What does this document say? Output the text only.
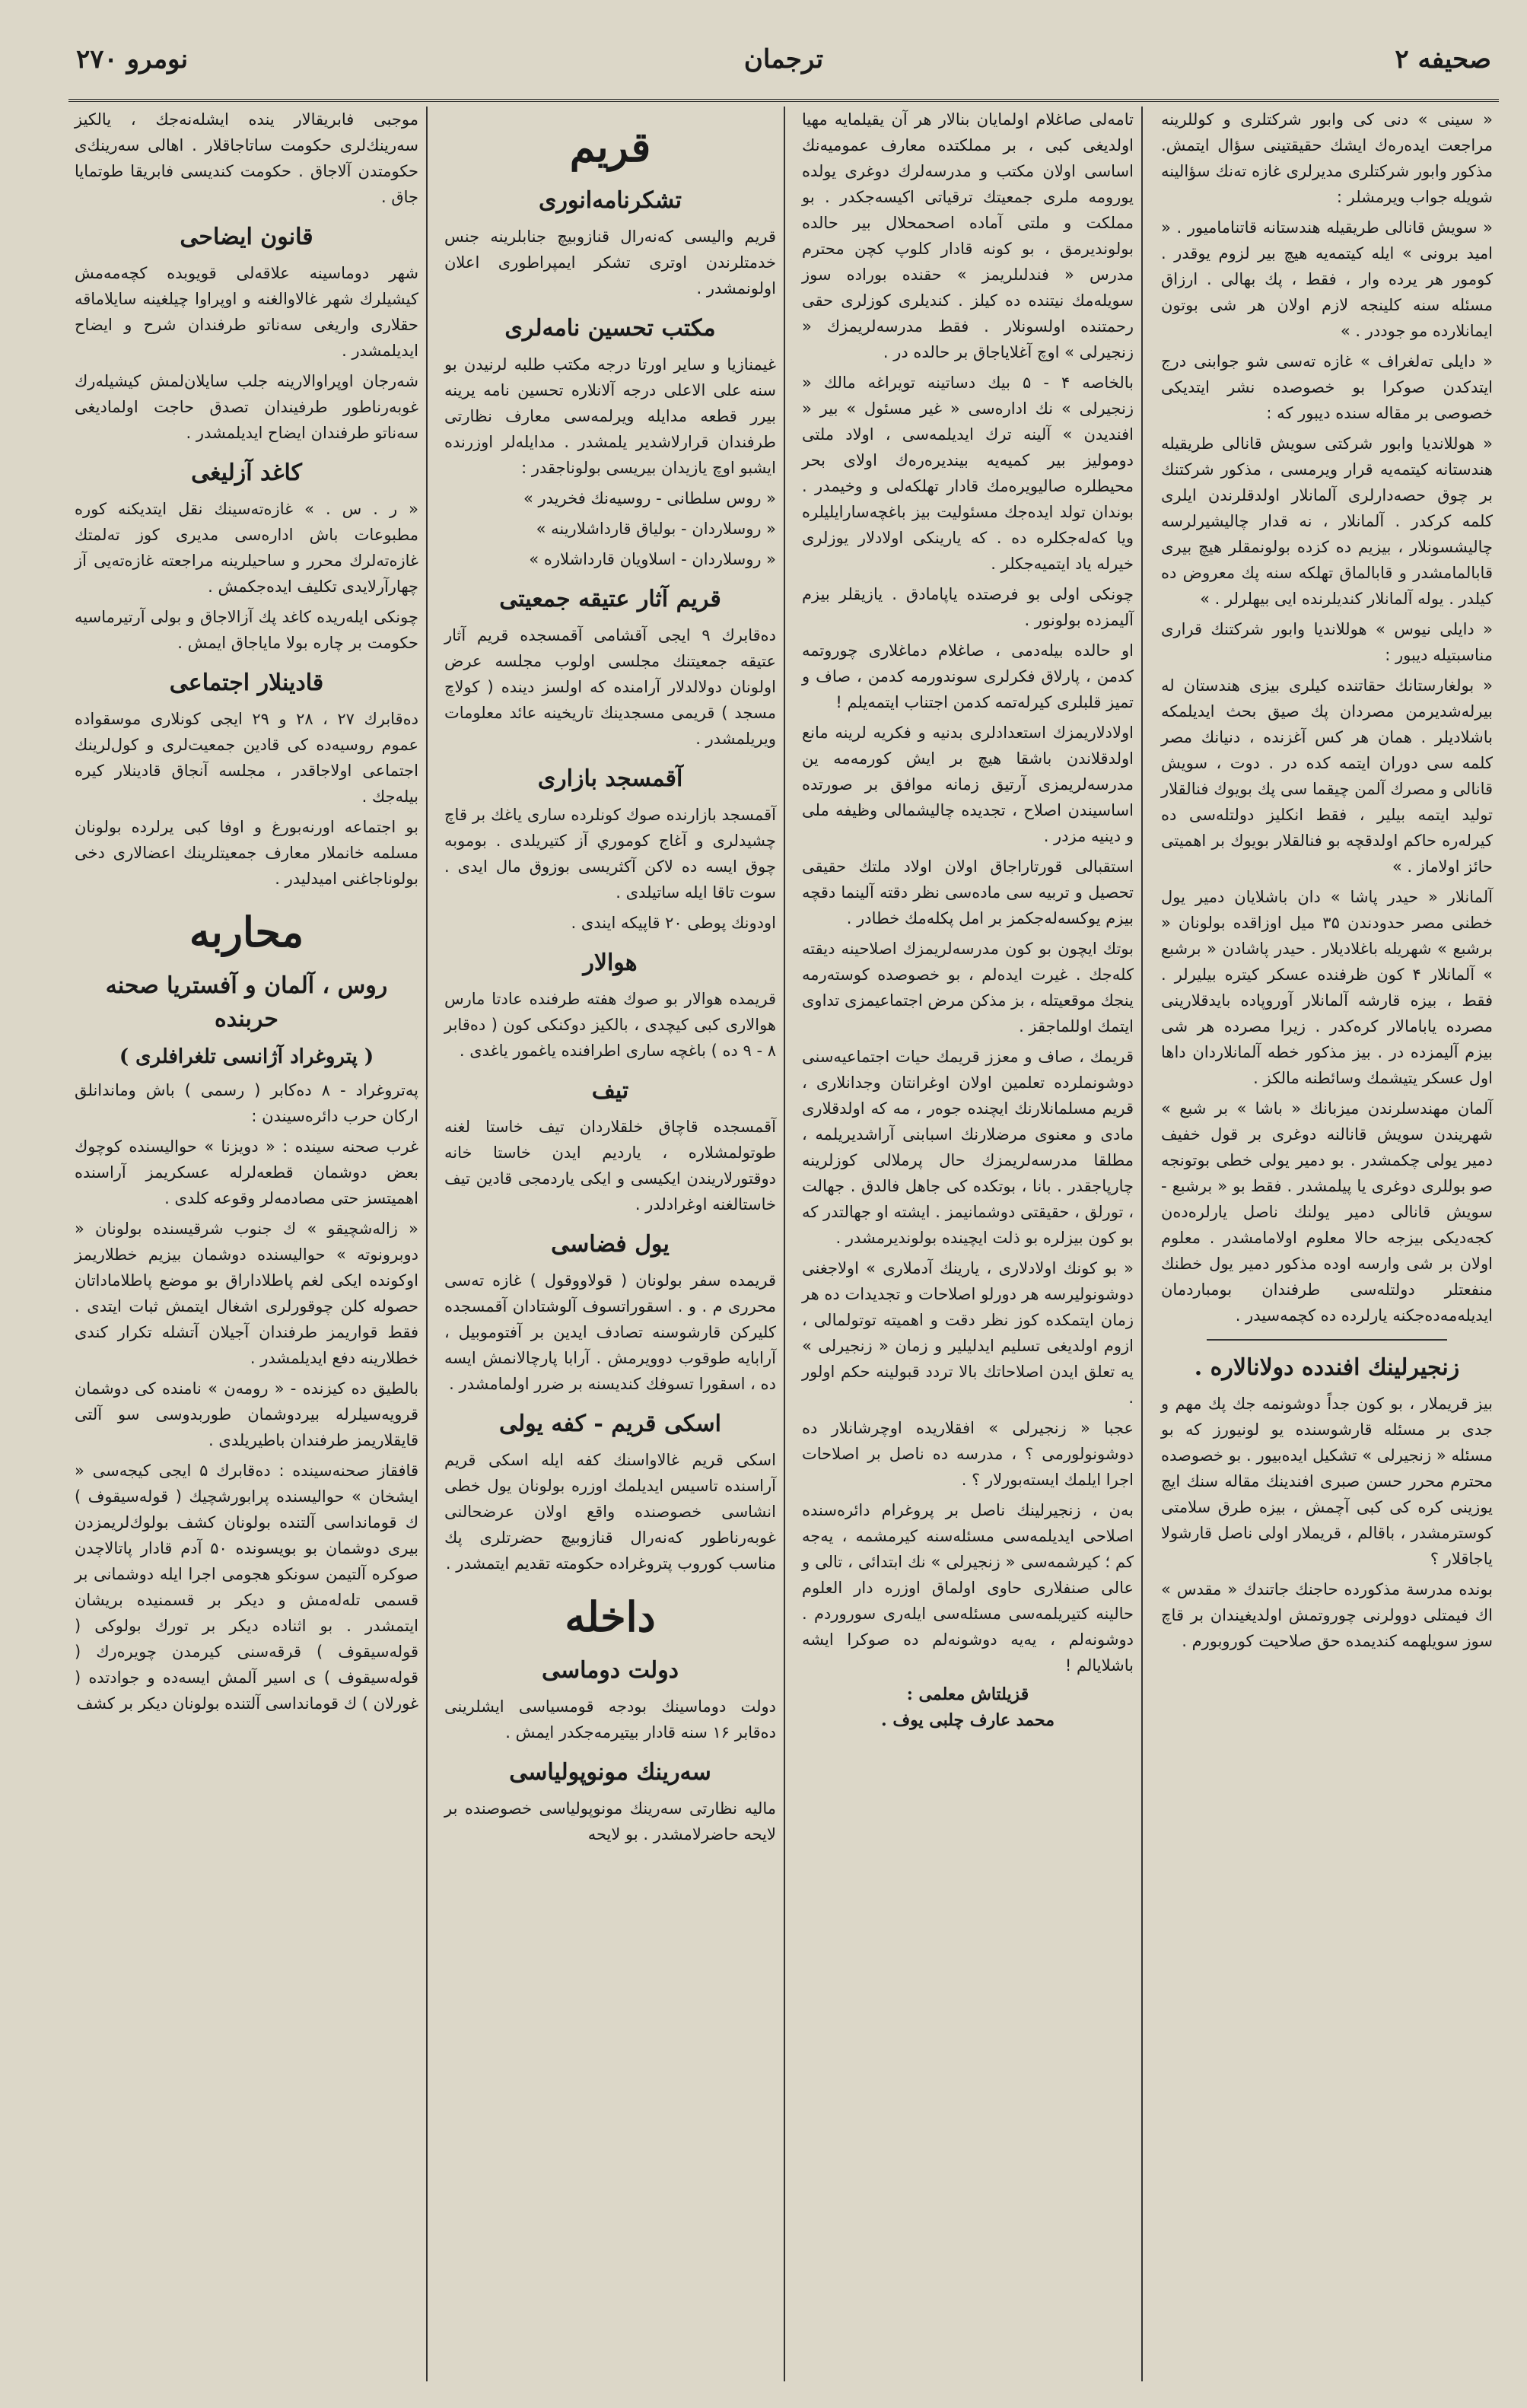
نومرو ۲۷۰	ترجمان	صحيفه ۲

« سينى » دنى كى وابور شركتلرى و كوللرينه مراجعت ايدەرەك ايشك حقيقتينى سؤال ايتمش. مذكور وابور شركتلرى مديرلرى غازه تەنك سؤالينه شويله جواب ويرمشلر :

« سويش قانالى طريقيله هندستانه قاتناماميور . « اميد برونى » ايله كيتمەيه هيچ بير لزوم يوقدر . كومور هر يرده وار ، فقط ، پك بهالى . ارزاق مسئله سنه كلينجه لازم اولان هر شى بوتون ايمانلارده مو جوددر . »

« دايلى تەلغراف » غازه تەسى شو جوابنى درج ايتدكدن صوكرا بو خصوصده نشر ايتديكى خصوصى بر مقاله سنده ديبور كه :

« هوللانديا وابور شركتى سويش قانالى طريقيله هندستانه كيتمەيه قرار ويرمسى ، مذكور شركتنك بر چوق حصەدارلرى آلمانلار اولدقلرندن ايلرى كلمه كركدر . آلمانلار ، نه قدار چاليشيرلرسه چاليشسونلار ، بيزيم ده كزده بولونمقلر هيچ بيرى قابالمامشدر و قابالماق تهلكه سنه پك معروض ده كيلدر . يوله آلمانلار كنديلرنده ايى بيهلرلر . »

« دايلى نيوس » هوللانديا وابور شركتنك قرارى مناسبتيله ديبور :

« بولغارستانك حقاتنده كيلرى بيزى هندستان لە بيرلەشديرمن مصردان پك صيق بحث ايديلمكە باشلاديلر . همان هر كس آغزنده ، دنيانك مصر كلمه سى دوران ايتمه كده در . دوت ، سويش قانالى و مصرك آلمن چيقما سى پك بويوك فنالقلار توليد ايتمه بيلير ، فقط انكليز دولتلەسى ده كيرلەره حاكم اولدقچه بو فنالقلار بويوك بر اهميتى حائز اولاماز . »

آلمانلار « حيدر پاشا » دان باشلايان دمير يول خطنى مصر حدودندن ۳۵ ميل اوزاقده بولونان « برشبع » شهريله باغلاديلار . حيدر پاشادن « برشبع » آلمانلار ۴ كون ظرفنده عسكر كيتره بيليرلر . فقط ، بيزه قارشه آلمانلار آوروپاده بايدقلارينى مصرده يابامالار كرەكدر . زيرا مصرده هر شى بيزم آليمزده در . بيز مذكور خطه آلمانلاردان داها اول عسكر يتيشمك وسائطنه مالكز .

آلمان مهندسلرندن ميزبانك « باشا » بر شبع » شهريندن سويش قانالنه دوغرى بر قول خفيف دمير يولى چكمشدر . بو دمير يولى خطى بوتونجه صو بوللرى دوغرى يا پيلمشدر . فقط بو « برشبع - سويش قانالى دمير يولنك ناصل يارلرەدەن كجەديكى بيزجه حالا معلوم اولامامشدر . معلوم اولان بر شى وارسه اوده مذكور دمير يول خطنك منفعتلر دولتلەسى طرفندان بومباردمان ايديلەمەدەجكنه يارلردە ده كچمەسيدر .

زنجيرلينك افندده دولانالاره .

بيز قريملار ، بو كون جداً دوشونمه جك پك مهم و جدى بر مسئله قارشوسنده يو لونيورز كه بو مسئله « زنجيرلى » تشكيل ايدەبيور . بو خصوصده محترم محرر حسن صبرى افندينك مقالە سنك ايچ يوزينى كره كى كبى آچمش ، بيزه طرق سلامتى كوسترمشدر ، باقالم ، قريملار اولى ناصل قارشولا ياجاقلار ؟

بونده مدرسة مذكورده حاجنك جاتندك « مقدس » اك فيمتلى دوولرنى چوروتمش اولديغيندان بر قاچ سوز سويلهمه كنديمده حق صلاحيت كوروبورم .

تامەلى صاغلام اولمايان بنالار هر آن يقيلمايه مهيا اولديغى كبى ، بر مملكتده معارف عموميەنك اساسى اولان مكتب و مدرسەلرك دوغرى يولدە يورومه ملرى جمعيتك ترقياتى اكيسەجكدر . بو مملكت و ملتى آماده اصحمحلال بير حالده بولونديرمق ، بو كونه قادار كلوپ كچن محترم مدرس « فندلىلريمز » حقنده بوراده سوز سويلەمك نيتنده ده كيلز . كنديلرى كوزلرى حقى رحمتنده اولسونلار . فقط مدرسەلريمزك « زنجيرلى » اوچ آغلاياجاق بر حالده در .

بالخاصه ۴ - ۵ بيك دساتينه تويراغه مالك « زنجيرلى » نك ادارەسى « غير مسئول » بير « افنديدن » آلينه ترك ايديلمەسى ، اولاد ملتى دوموليز بير كميەيه بينديرەرەك اولاى بحر محيطلره صاليويرەمك قادار تهلكەلى و وخيمدر . بوندان تولد ايدەجك مسئوليت بيز باغچەسارايليلره ويا كەلەجكلره ده . كه يارينكى اولادلار يوزلرى خيرله ياد ايتميەجكلر .

چونكى اولى بو فرصتده ياپامادق . يازيقلر بيزم آليمزده بولونور .

او حالده بيلەدمى ، صاغلام دماغلارى چوروتمه كدمن ، پارلاق فكرلرى سوندورمه كدمن ، صاف و تميز قلبلرى كيرلەتمه كدمن اجتناب ايتمەيلم !

اولادلاريمزك استعدادلرى بدنيه و فكريه لرينه مانع اولدقلاندن باشقا هيچ بر ايش كورمەمه ين مدرسەلريمزى آرتيق زمانه موافق بر صورتده اساسيندن اصلاح ، تجديده چاليشمالى وظيفه ملى و دينيه مزدر .

استقبالى قورتاراجاق اولان اولاد ملتك حقيقى تحصيل و تربيه سى مادەسى نظر دقته آلينما دقچه بيزم يوكسەلەجكمز بر امل پكلەمك خطادر .

بوتك ايچون بو كون مدرسەلريمزك اصلاحينه ديقته كلەجك . غيرت ايدەلم ، بو خصوصده كوستەرمه ينجك موقعيتله ، بز مذكن مرض اجتماعيمزى تداوى ايتمك اوللماجقز .

قريمك ، صاف و معزز قريمك حيات اجتماعيەسنى دوشونملرده تعلمين اولان اوغرانتان وجدانلارى ، قريم مسلمانلارنك ايچنده جوەر ، مه كه اولدقلارى مادى و معنوى مرضلارنك اسبابنى آراشديريلمه ، مطلقا مدرسەلريمزك حال پرملالى كوزلرينه چارپاجقدر . بانا ، بوتكده كى جاهل فالدق . جهالت ، تورلق ، حقيقتى دوشمانيمز . ايشته او جهالتدر كه بو كون بيزلره بو ذلت ايچينده بولونديرمشدر .

« بو كونك اولادلارى ، يارينك آدملارى » اولاجغنى دوشونوليرسه هر دورلو اصلاحات و تجديدات ده هر زمان ايتمكده كوز نظر دقت و اهميته توتولمالى ، ازوم اولديغى تسليم ايدليلير و زمان « زنجيرلى » يه تعلق ايدن اصلاحاتك بالا تردد قبولينه حكم اولور .

عجبا « زنجيرلى » افقلاريده اوچرشانلار ده دوشونولورمى ؟ ، مدرسه ده ناصل بر اصلاحات اجرا ايلمك ايستەبورلار ؟ .

بەن ، زنجيرلينك ناصل بر پروغرام دائرەسنده اصلاحى ايديلمەسى مسئلەسنه كيرمشمه ، يەجه كم ؛ كيرشمەسى « زنجيرلى » نك ابتدائى ، تالى و عالى صنفلارى حاوى اولماق اوزره دار العلوم حالينه كتيريلمەسى مسئلەسى ايلەرى سوروردم . دوشونەلم ، يەيە دوشونەلم ده صوكرا ايشه باشلايالم !

قزيلتاش معلمى :
محمد عارف چلبى يوف .
قريم
تشكرنامه‌انورى

قريم واليسى كه‌نه‌رال قنازوبيچ جنابلرينه جنس خدمتلرندن اوترى تشكر ايمپراطورى اعلان اولونمشدر .

مكتب تحسين نامه‌لرى

غيمنازيا و ساير اورتا درجه مكتب طلبه لرنيدن بو سنه على الاعلى درجه آلانلاره تحسين نامه يرينه بيرر قطعه مدايله ويرلمه‌سى معارف نظارتى طرفندان قرارلاشدير يلمشدر . مدايله‌لر اوزرنده ايشبو اوچ يازيدان بيريسى بولوناجقدر :

« روس سلطانى - روسيەنك فخريدر »

« روسلاردان - بولياق قارداشلارينه »

« روسلاردان - اسلاويان قارداشلاره »

قريم آثار عتيقه جمعيتى

دەقابرك ۹ ايجى آقشامى آقمسجده قريم آثار عتيقه جمعيتنك مجلسى اولوب مجلسه عرض اولونان دولالدلار آرامنده كه اولسز دينده ( كولاچ مسجد ) قريمى مسجدينك تاريخينه عائد معلومات ويريلمشدر .

آقمسجد بازارى

آقمسجد بازارنده صوك كونلرده سارى ياغك بر قاچ چشيدلرى و آغاج كوموري آز كتيريلدى . بوموبه چوق ايسه ده لاكن آكثريسى بوزوق مال ايدى . سوت تاقا ايله ساتيلدى .

اودونك پوطى ۲۰ قاپيكه ايندى .

هوالار

قريمده هوالار بو صوك هفته طرفنده عادتا مارس هوالارى كبى كيچدى ، بالكيز دوكنكى كون ( دەقابر ۸ - ۹ ده ) باغچه سارى اطرافنده ياغمور ياغدى .

تيف

آقمسجده قاچاق خلقلاردان تيف خاستا لغنه طوتولمشلاره ، يارديم ايدن خاستا خانه دوقتورلاريندن ايكيسى و ايكى ياردمجى قادين تيف خاستالغنه اوغرادلدر .

يول فضاسى

قريمده سفر بولونان ( قولاووقول ) غازه تەسى محررى م . و . اسقوراتسوف آلوشتادان آقمسجده كليركن قارشوسنه تصادف ايدين بر آفتوموبيل ، آرابايه طوقوب دوويرمش . آرابا پارچالانمش ايسه ده ، اسقورا تسوفك كنديسنه بر ضرر اولمامشدر .

اسكى قريم - كفه يولى

اسكى قريم غالاواسنك كفه ايله اسكى قريم آراسنده تاسيس ايديلمك اوزره بولونان يول خطى انشاسى خصوصنده واقع اولان عرضحالنى غوبەرناطور كه‌نه‌رال قنازوبيچ حضرتلرى پك مناسب كوروب پتروغراده حكومته تقديم ايتمشدر .

داخله
دولت دوماسى

دولت دوماسينك بودجه قومسياسى ايشلرينى دەقابر ۱۶ سنه قادار بيتيرمەجكدر ايمش .

سه‌رينك مونوپولياسى

ماليه نظارتى سه‌رينك مونوپولياسى خصوصنده بر لايحه حاضرلامشدر . بو لايحه

موجبى فابريقالار ينده ايشلەنه‌جك ، يالكيز سه‌رينك‌لرى حكومت ساتاجاقلار . اهالى سه‌رينك‌ى حكومتدن آلاجاق . حكومت كنديسى فابريقا طوتمايا جاق .

قانون ايضاحى

شهر دوماسينه علاقه‌لى قويوبده كچەمه‌مش كيشيلرك شهر غالاوا‌لغنه و اوپراوا چيلغينه سايلاماقه حقلارى واريغى سه‌ناتو طرفندان شرح و ايضاح ايديلمشدر .

شه‌رجان اوپراوالارينه جلب سايلان‌لمش كيشيله‌رك غوبه‌رناطور طرفيندان تصدق حاجت اولماديغى سه‌ناتو طرفندان ايضاح ايديلمشدر .

كاغد آزليغى

« ر . س . » غازه‌ته‌سينك نقل ايتديكنه كوره مطبوعات باش ادارەسى مديرى كوز تەلمتك غازه‌ته‌لرك محرر و ساحيلرينه مراجعته غازه‌ته‌يى آز چهارآرلايدى تكليف ايده‌جكمش .

چونكى ايلەريده كاغد پك آزالاجاق و بولى آرتيرماسيه حكومت بر چاره بولا مايا‌جاق ايمش .

قادينلار اجتماعى

ده‌قابرك ۲۷ ، ۲۸ و ۲۹ ايجى كونلارى موسقواده عموم روسيه‌ده كى قادين جمعيت‌لرى و كول‌لرينك اجتماعى اولاجاقدر ، مجلسه آنجاق قادينلار كيره بيله‌جك .

بو اجتماعه اورنه‌بورغ و اوفا كبى يرلرده بولونان مسلمه خانملار معارف جمعيتلرينك اعضالارى دخى بولوناجاغنى اميدليدر .

محاربه
روس ، آلمان و آفستريا صحنه حربنده
( پتروغراد آژانسى تلغرافلرى )

پەتروغراد - ۸ دەكابر ( رسمى ) باش وماندانلق اركان حرب دائرەسيندن :

غرب صحنه سينده : « دويزنا » حواليسنده كوچوك بعض دوشمان قطعه‌لرله عسكريمز آراسنده اهميتسز حتى مصادمه‌لر وقوعه كلدى .

« زاله‌شچيقو » ك جنوب شرقيسنده بولونان « دوبرونوته » حواليسنده دوشمان بيزيم خطلاريمز اوكونده ايكى لغم پاطلاداراق بو موضع پاطلاماداتان حصوله كلن چوقورلرى اشغال ايتمش ثبات ايتدى . فقط قواريمز طرفندان آجيلان آتشله تكرار كندى خطلارينه دفع ايديلمشدر .

بالطيق ده كيزنده - « رومه‌ن » نامنده كى دوشمان قرويه‌سيلرله بيردوشمان طوربدوسى سو آلتى قايقلاريمز طرفندان باطيريلدى .

قافقاز صحنه‌سينده : ده‌قابرك ۵ ايجى كيجه‌سى « ايشخان » حواليسنده پرابورشچيك ( قولەسيقوف ) ك قومانداسى آلتنده بولونان كشف بولوك‌لريمزدن بيرى دوشمان بو بويسونده ۵۰ آدم قادار پاتالاچدن صوكره آلتيمن سونكو هجومى اجرا ايله دوشمانى بر قسمى تله‌له‌مش و ديكر بر قسمنيده بريشان ايتمشدر . بو اثناده ديكر بر تورك بولوكى ( قوله‌سيقوف ) قرقه‌سنى كيرمدن چويره‌رك ( قوله‌سيقوف ) ى اسير آلمش ايسه‌ده و جوادتده ( غورلان ) ك قومانداسى آلتنده بولونان ديكر بر كشف
